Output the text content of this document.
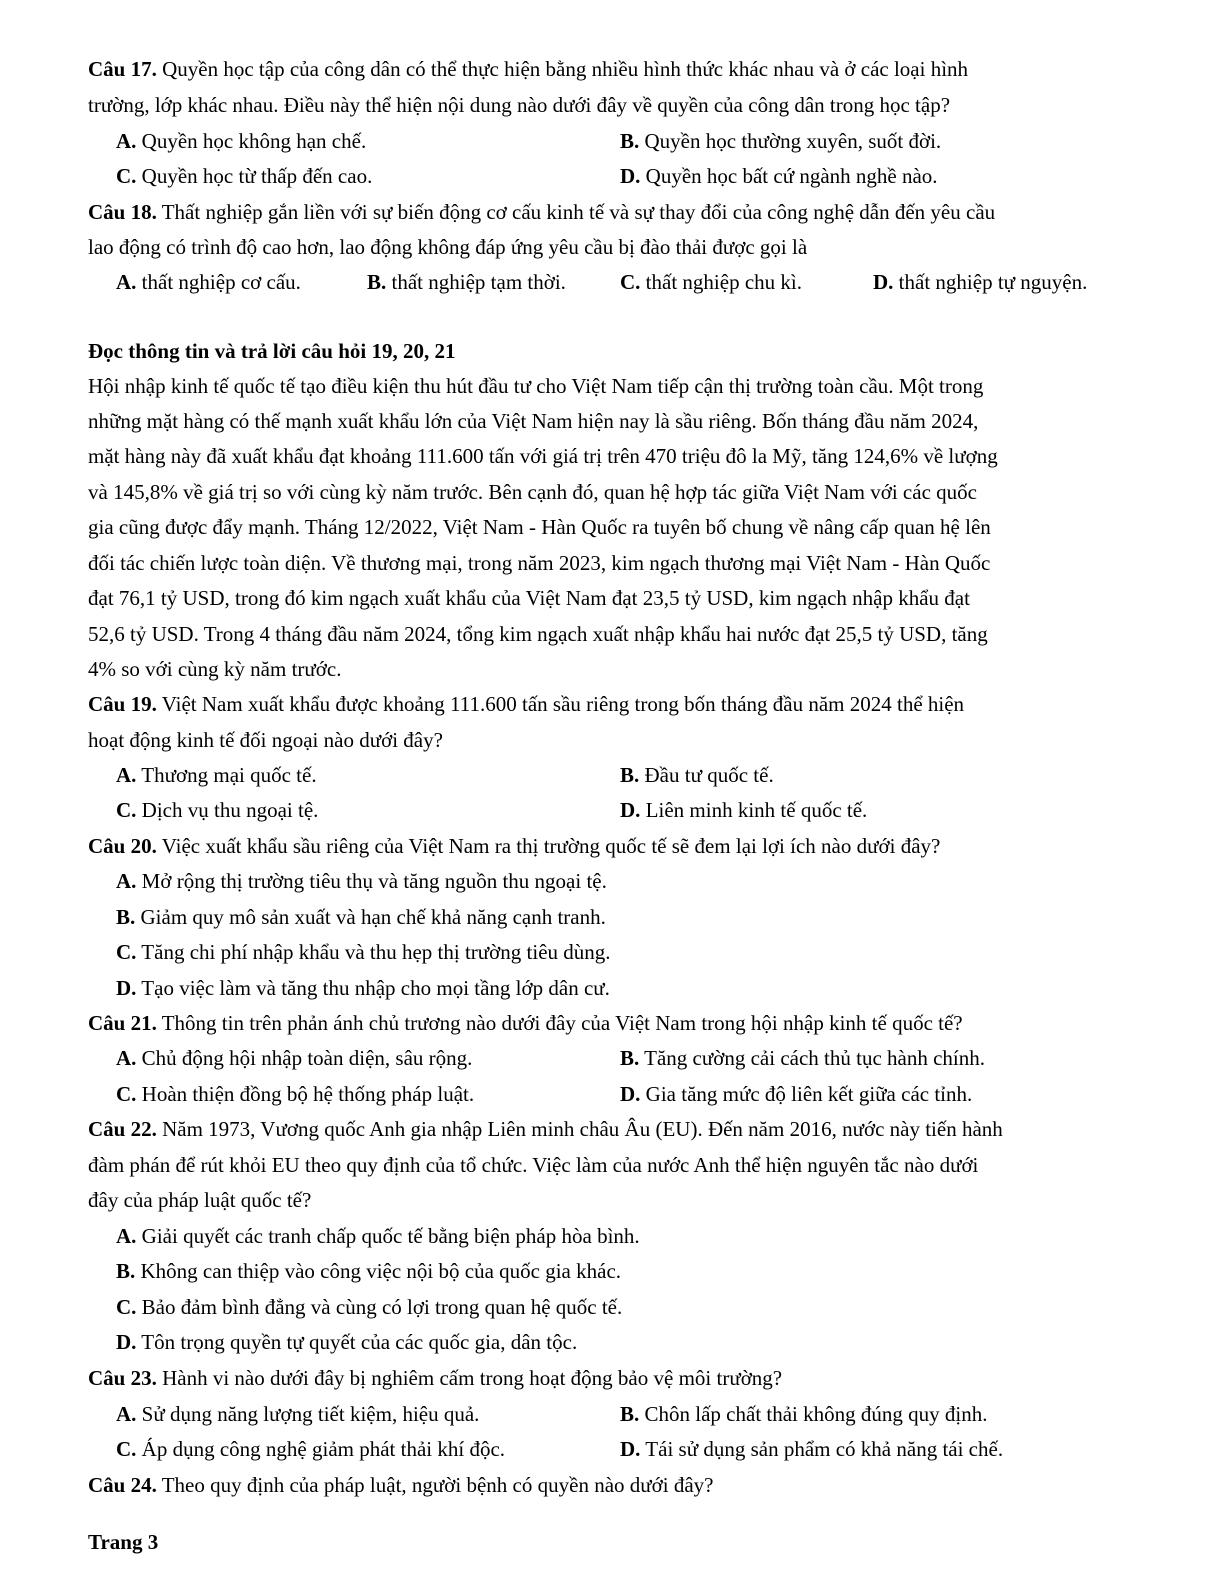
Câu 17. Quyền học tập của công dân có thể thực hiện bằng nhiều hình thức khác nhau và ở các loại hình
trường, lớp khác nhau. Điều này thể hiện nội dung nào dưới đây về quyền của công dân trong học tập?
A. Quyền học không hạn chế.	B. Quyền học thường xuyên, suốt đời.
C. Quyền học từ thấp đến cao.	D. Quyền học bất cứ ngành nghề nào.
Câu 18. Thất nghiệp gắn liền với sự biến động cơ cấu kinh tế và sự thay đổi của công nghệ dẫn đến yêu cầu
lao động có trình độ cao hơn, lao động không đáp ứng yêu cầu bị đào thải được gọi là
A. thất nghiệp cơ cấu.	B. thất nghiệp tạm thời.	C. thất nghiệp chu kì.	D. thất nghiệp tự nguyện.
Đọc thông tin và trả lời câu hỏi 19, 20, 21
Hội nhập kinh tế quốc tế tạo điều kiện thu hút đầu tư cho Việt Nam tiếp cận thị trường toàn cầu. Một trong
những mặt hàng có thế mạnh xuất khẩu lớn của Việt Nam hiện nay là sầu riêng. Bốn tháng đầu năm 2024,
mặt hàng này đã xuất khẩu đạt khoảng 111.600 tấn với giá trị trên 470 triệu đô la Mỹ, tăng 124,6% về lượng
và 145,8% về giá trị so với cùng kỳ năm trước. Bên cạnh đó, quan hệ hợp tác giữa Việt Nam với các quốc
gia cũng được đẩy mạnh. Tháng 12/2022, Việt Nam - Hàn Quốc ra tuyên bố chung về nâng cấp quan hệ lên
đối tác chiến lược toàn diện. Về thương mại, trong năm 2023, kim ngạch thương mại Việt Nam - Hàn Quốc
đạt 76,1 tỷ USD, trong đó kim ngạch xuất khẩu của Việt Nam đạt 23,5 tỷ USD, kim ngạch nhập khẩu đạt
52,6 tỷ USD. Trong 4 tháng đầu năm 2024, tổng kim ngạch xuất nhập khẩu hai nước đạt 25,5 tỷ USD, tăng
4% so với cùng kỳ năm trước.
Câu 19. Việt Nam xuất khẩu được khoảng 111.600 tấn sầu riêng trong bốn tháng đầu năm 2024 thể hiện
hoạt động kinh tế đối ngoại nào dưới đây?
A. Thương mại quốc tế.	B. Đầu tư quốc tế.
C. Dịch vụ thu ngoại tệ.	D. Liên minh kinh tế quốc tế.
Câu 20. Việc xuất khẩu sầu riêng của Việt Nam ra thị trường quốc tế sẽ đem lại lợi ích nào dưới đây?
A. Mở rộng thị trường tiêu thụ và tăng nguồn thu ngoại tệ.
B. Giảm quy mô sản xuất và hạn chế khả năng cạnh tranh.
C. Tăng chi phí nhập khẩu và thu hẹp thị trường tiêu dùng.
D. Tạo việc làm và tăng thu nhập cho mọi tầng lớp dân cư.
Câu 21. Thông tin trên phản ánh chủ trương nào dưới đây của Việt Nam trong hội nhập kinh tế quốc tế?
A. Chủ động hội nhập toàn diện, sâu rộng.	B. Tăng cường cải cách thủ tục hành chính.
C. Hoàn thiện đồng bộ hệ thống pháp luật.	D. Gia tăng mức độ liên kết giữa các tỉnh.
Câu 22. Năm 1973, Vương quốc Anh gia nhập Liên minh châu Âu (EU). Đến năm 2016, nước này tiến hành
đàm phán để rút khỏi EU theo quy định của tổ chức. Việc làm của nước Anh thể hiện nguyên tắc nào dưới
đây của pháp luật quốc tế?
A. Giải quyết các tranh chấp quốc tế bằng biện pháp hòa bình.
B. Không can thiệp vào công việc nội bộ của quốc gia khác.
C. Bảo đảm bình đẳng và cùng có lợi trong quan hệ quốc tế.
D. Tôn trọng quyền tự quyết của các quốc gia, dân tộc.
Câu 23. Hành vi nào dưới đây bị nghiêm cấm trong hoạt động bảo vệ môi trường?
A. Sử dụng năng lượng tiết kiệm, hiệu quả.	B. Chôn lấp chất thải không đúng quy định.
C. Áp dụng công nghệ giảm phát thải khí độc.	D. Tái sử dụng sản phẩm có khả năng tái chế.
Câu 24. Theo quy định của pháp luật, người bệnh có quyền nào dưới đây?
Trang 3
